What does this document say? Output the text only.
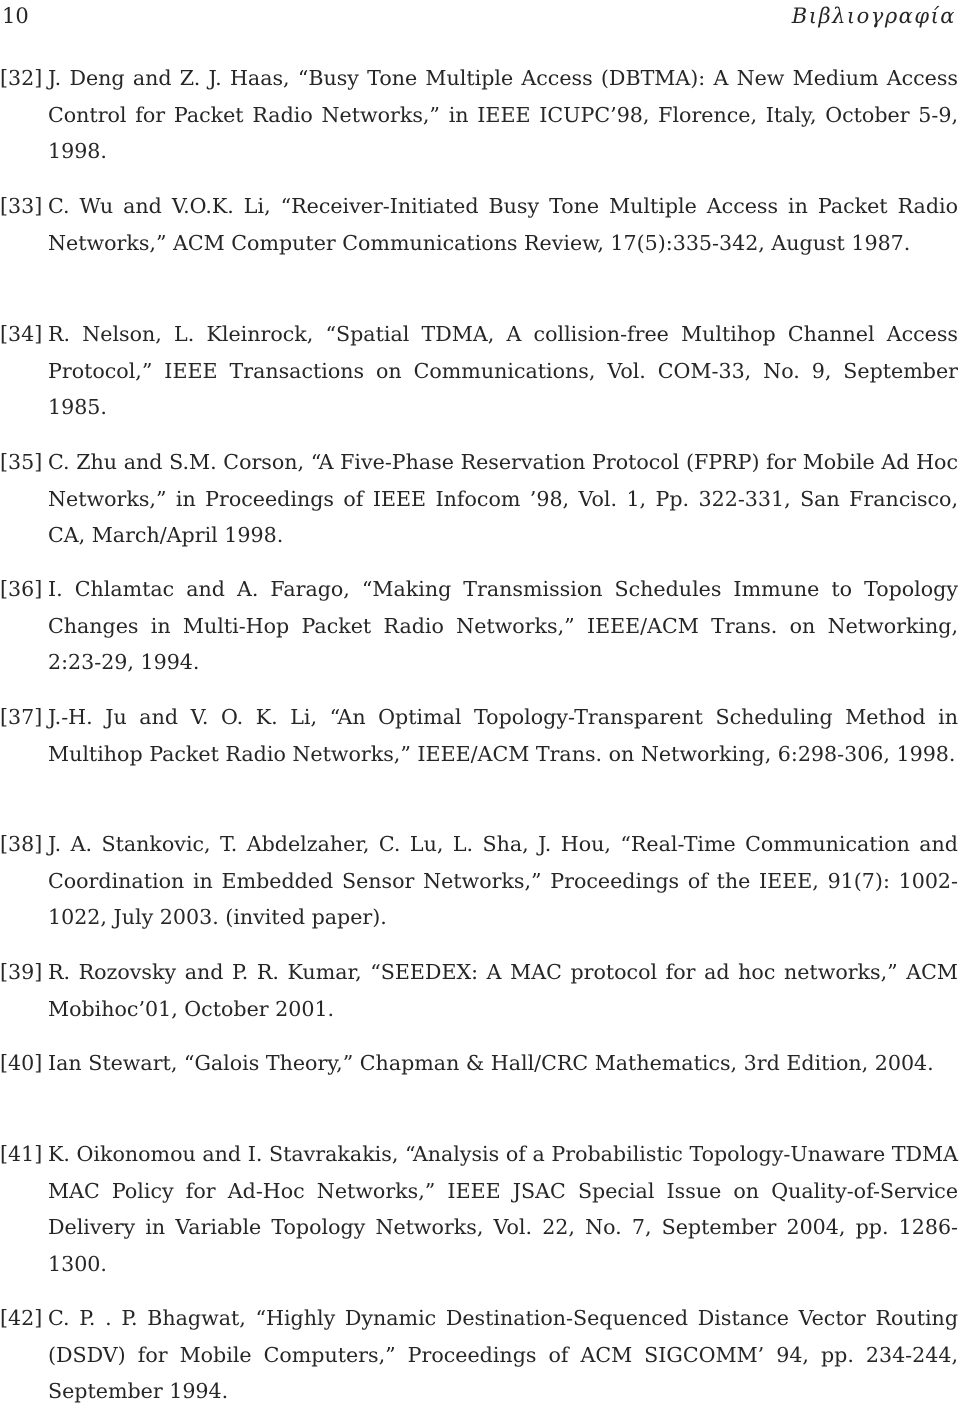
10	Βιβλιογραφία
[32] J. Deng and Z. J. Haas, “Busy Tone Multiple Access (DBTMA): A New Medium Access Control for Packet Radio Networks,” in IEEE ICUPC’98, Florence, Italy, October 5-9, 1998.
[33] C. Wu and V.O.K. Li, “Receiver-Initiated Busy Tone Multiple Access in Packet Radio Networks,” ACM Computer Communications Review, 17(5):335-342, August 1987.
[34] R. Nelson, L. Kleinrock, “Spatial TDMA, A collision-free Multihop Channel Access Protocol,” IEEE Transactions on Communications, Vol. COM-33, No. 9, September 1985.
[35] C. Zhu and S.M. Corson, “A Five-Phase Reservation Protocol (FPRP) for Mobile Ad Hoc Networks,” in Proceedings of IEEE Infocom ’98, Vol. 1, Pp. 322-331, San Francisco, CA, March/April 1998.
[36] I. Chlamtac and A. Farago, “Making Transmission Schedules Immune to Topology Changes in Multi-Hop Packet Radio Networks,” IEEE/ACM Trans. on Networking, 2:23-29, 1994.
[37] J.-H. Ju and V. O. K. Li, “An Optimal Topology-Transparent Scheduling Method in Multihop Packet Radio Networks,” IEEE/ACM Trans. on Networking, 6:298-306, 1998.
[38] J. A. Stankovic, T. Abdelzaher, C. Lu, L. Sha, J. Hou, “Real-Time Communication and Coordination in Embedded Sensor Networks,” Proceedings of the IEEE, 91(7): 1002-1022, July 2003. (invited paper).
[39] R. Rozovsky and P. R. Kumar, “SEEDEX: A MAC protocol for ad hoc networks,” ACM Mobihoc’01, October 2001.
[40] Ian Stewart, “Galois Theory,” Chapman & Hall/CRC Mathematics, 3rd Edition, 2004.
[41] K. Oikonomou and I. Stavrakakis, “Analysis of a Probabilistic Topology-Unaware TDMA MAC Policy for Ad-Hoc Networks,” IEEE JSAC Special Issue on Quality-of-Service Delivery in Variable Topology Networks, Vol. 22, No. 7, September 2004, pp. 1286-1300.
[42] C. P. . P. Bhagwat, “Highly Dynamic Destination-Sequenced Distance Vector Routing (DSDV) for Mobile Computers,” Proceedings of ACM SIGCOMM’ 94, pp. 234-244, September 1994.
